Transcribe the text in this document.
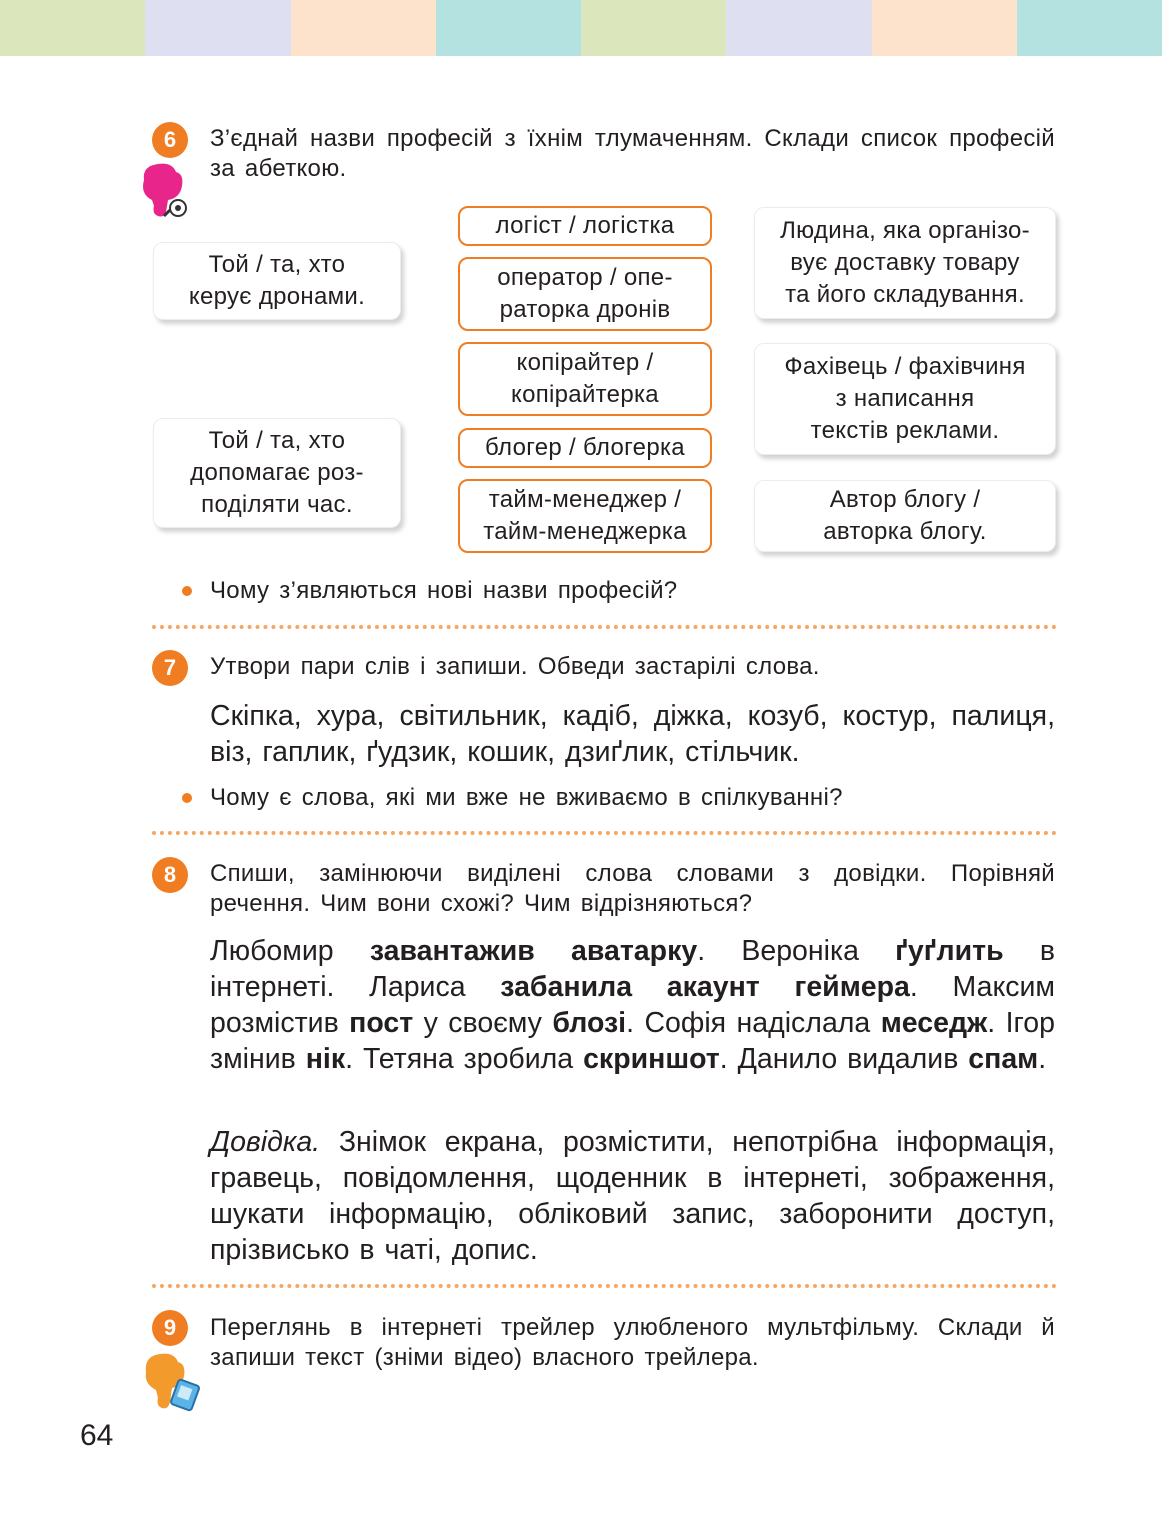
6	З’єднай назви професій з їхнім тлумаченням. Склади список професій за абеткою.
Той / та, хто
керує дронами.
Той / та, хто
допомагає роз-
поділяти час.
логіст / логістка
оператор / опе-
раторка дронів
копірайтер /
копірайтерка
блогер / блогерка
тайм-менеджер /
тайм-менеджерка
Людина, яка організо-
вує доставку товару
та його складування.
Фахівець / фахівчиня
з написання
текстів реклами.
Автор блогу /
авторка блогу.
Чому з’являються нові назви професій?
7	Утвори пари слів і запиши. Обведи застарілі слова.
Скіпка, хура, світильник, кадіб, діжка, козуб, костур, палиця, віз, гаплик, ґудзик, кошик, дзиґлик, стільчик.
Чому є слова, які ми вже не вживаємо в спілкуванні?
8	Спиши, замінюючи виділені слова словами з довідки. Порівняй речення. Чим вони схожі? Чим відрізняються?
Любомир завантажив аватарку. Вероніка ґуґлить в інтернеті. Лариса забанила акаунт геймера. Максим розмістив пост у своєму блозі. Софія надіслала меседж. Ігор змінив нік. Тетяна зробила скриншот. Данило видалив спам.
Довідка. Знімок екрана, розмістити, непотрібна інформація, гравець, повідомлення, щоденник в інтернеті, зображення, шукати інформацію, обліковий запис, заборонити доступ, прізвисько в чаті, допис.
9	Переглянь в інтернеті трейлер улюбленого мультфільму. Склади й запиши текст (зніми відео) власного трейлера.
64
